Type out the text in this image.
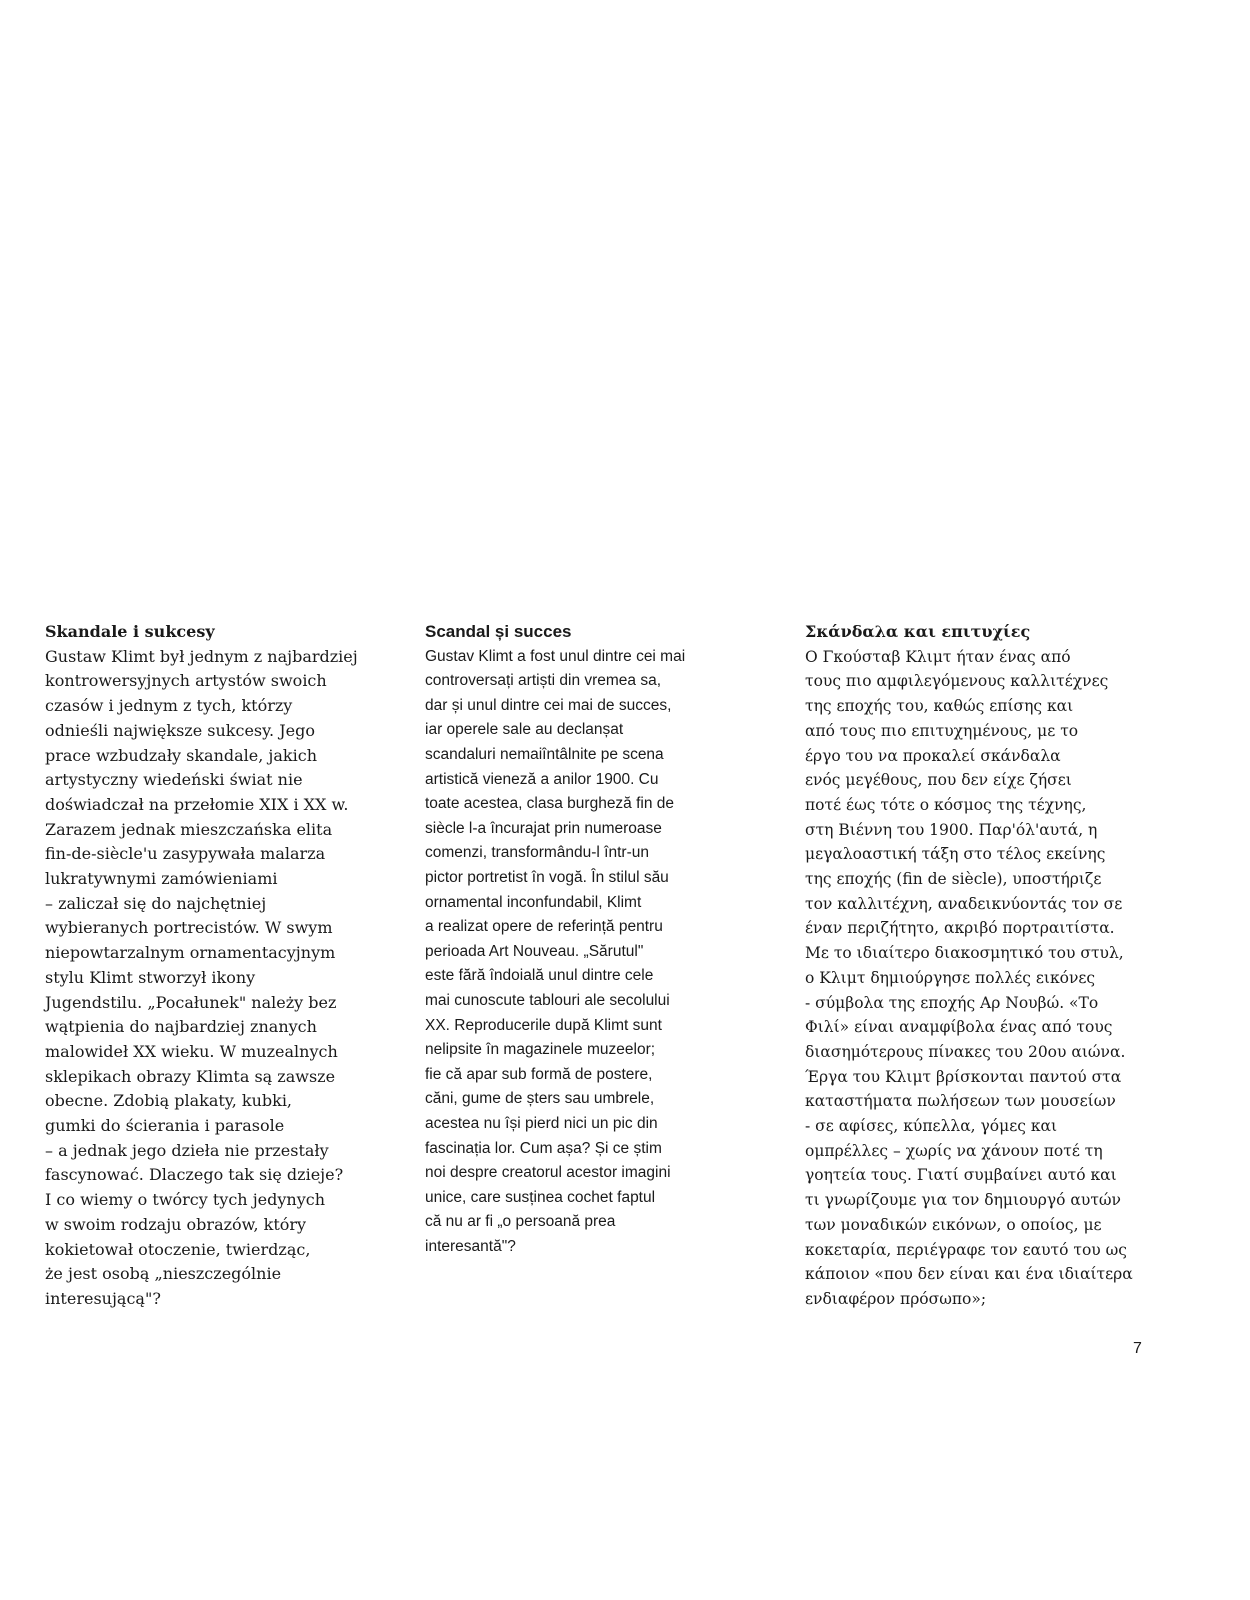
Skandale i sukcesy
Gustaw Klimt był jednym z najbardziej
kontrowersyjnych artystów swoich
czasów i jednym z tych, którzy
odnieśli największe sukcesy. Jego
prace wzbudzały skandale, jakich
artystyczny wiedeński świat nie
doświadczał na przełomie XIX i XX w.
Zarazem jednak mieszczańska elita
fin-de-siècle'u zasypywała malarza
lukratywnymi zamówieniami
– zaliczał się do najchętniej
wybieranych portrecistów. W swym
niepowtarzalnym ornamentacyjnym
stylu Klimt stworzył ikony
Jugendstilu. „Pocałunek" należy bez
wątpienia do najbardziej znanych
malowideł XX wieku. W muzealnych
sklepikach obrazy Klimta są zawsze
obecne. Zdobią plakaty, kubki,
gumki do ścierania i parasole
– a jednak jego dzieła nie przestały
fascynować. Dlaczego tak się dzieje?
I co wiemy o twórcy tych jedynych
w swoim rodzaju obrazów, który
kokietował otoczenie, twierdząc,
że jest osobą „nieszczególnie
interesującą"?
Scandal și succes
Gustav Klimt a fost unul dintre cei mai
controversați artiști din vremea sa,
dar și unul dintre cei mai de succes,
iar operele sale au declanșat
scandaluri nemaiîntâlnite pe scena
artistică vieneză a anilor 1900. Cu
toate acestea, clasa burgheză fin de
siècle l-a încurajat prin numeroase
comenzi, transformându-l într-un
pictor portretist în vogă. În stilul său
ornamental inconfundabil, Klimt
a realizat opere de referință pentru
perioada Art Nouveau. „Sărutul"
este fără îndoială unul dintre cele
mai cunoscute tablouri ale secolului
XX. Reproducerile după Klimt sunt
nelipsite în magazinele muzeelor;
fie că apar sub formă de postere,
căni, gume de șters sau umbrele,
acestea nu își pierd nici un pic din
fascinația lor. Cum așa? Și ce știm
noi despre creatorul acestor imagini
unice, care susținea cochet faptul
că nu ar fi „o persoană prea
interesantă"?
Σκάνδαλα και επιτυχίες
Ο Γκούσταβ Κλιμτ ήταν ένας από
τους πιο αμφιλεγόμενους καλλιτέχνες
της εποχής του, καθώς επίσης και
από τους πιο επιτυχημένους, με το
έργο του να προκαλεί σκάνδαλα
ενός μεγέθους, που δεν είχε ζήσει
ποτέ έως τότε ο κόσμος της τέχνης,
στη Βιέννη του 1900. Παρ'όλ'αυτά, η
μεγαλοαστική τάξη στο τέλος εκείνης
της εποχής (fin de siècle), υποστήριζε
τον καλλιτέχνη, αναδεικνύοντάς τον σε
έναν περιζήτητο, ακριβό πορτραιτίστα.
Με το ιδιαίτερο διακοσμητικό του στυλ,
ο Κλιμτ δημιούργησε πολλές εικόνες
- σύμβολα της εποχής Αρ Νουβώ. «Το
Φιλί» είναι αναμφίβολα ένας από τους
διασημότερους πίνακες του 20ου αιώνα.
Έργα του Κλιμτ βρίσκονται παντού στα
καταστήματα πωλήσεων των μουσείων
- σε αφίσες, κύπελλα, γόμες και
ομπρέλλες – χωρίς να χάνουν ποτέ τη
γοητεία τους. Γιατί συμβαίνει αυτό και
τι γνωρίζουμε για τον δημιουργό αυτών
των μοναδικών εικόνων, ο οποίος, με
κοκεταρία, περιέγραφε τον εαυτό του ως
κάποιον «που δεν είναι και ένα ιδιαίτερα
ενδιαφέρον πρόσωπο»;
7
